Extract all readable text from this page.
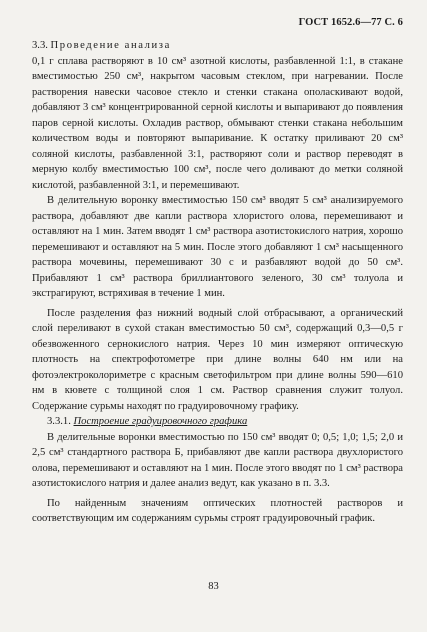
ГОСТ 1652.6—77 С. 6
3.3. Проведение анализа

0,1 г сплава растворяют в 10 см³ азотной кислоты, разбавленной 1:1, в стакане вместимостью 250 см³, накрытом часовым стеклом, при нагревании. После растворения навески часовое стекло и стенки стакана ополаскивают водой, добавляют 3 см³ концентрированной серной кислоты и выпаривают до появления паров серной кислоты. Охладив раствор, обмывают стенки стакана небольшим количеством воды и повторяют выпаривание. К остатку приливают 20 см³ соляной кислоты, разбавленной 3:1, растворяют соли и раствор переводят в мерную колбу вместимостью 100 см³, после чего доливают до метки соляной кислотой, разбавленной 3:1, и перемешивают.

В делительную воронку вместимостью 150 см³ вводят 5 см³ анализируемого раствора, добавляют две капли раствора хлористого олова, перемешивают и оставляют на 1 мин. Затем вводят 1 см³ раствора азотистокислого натрия, хорошо перемешивают и оставляют на 5 мин. После этого добавляют 1 см³ насыщенного раствора мочевины, перемешивают 30 с и разбавляют водой до 50 см³. Прибавляют 1 см³ раствора бриллиантового зеленого, 30 см³ толуола и экстрагируют, встряхивая в течение 1 мин.

После разделения фаз нижний водный слой отбрасывают, а органический слой переливают в сухой стакан вместимостью 50 см³, содержащий 0,3—0,5 г обезвоженного сернокислого натрия. Через 10 мин измеряют оптическую плотность на спектрофотометре при длине волны 640 нм или на фотоэлектроколориметре с красным светофильтром при длине волны 590—610 нм в кювете с толщиной слоя 1 см. Раствор сравнения служит толуол. Содержание сурьмы находят по градуировочному графику.

3.3.1. Построение градуировочного графика

В делительные воронки вместимостью по 150 см³ вводят 0; 0,5; 1,0; 1,5; 2,0 и 2,5 см³ стандартного раствора Б, прибавляют две капли раствора двухлористого олова, перемешивают и оставляют на 1 мин. После этого вводят по 1 см³ раствора азотистокислого натрия и далее анализ ведут, как указано в п. 3.3.

По найденным значениям оптических плотностей растворов и соответствующим им содержаниям сурьмы строят градуировочный график.

83
